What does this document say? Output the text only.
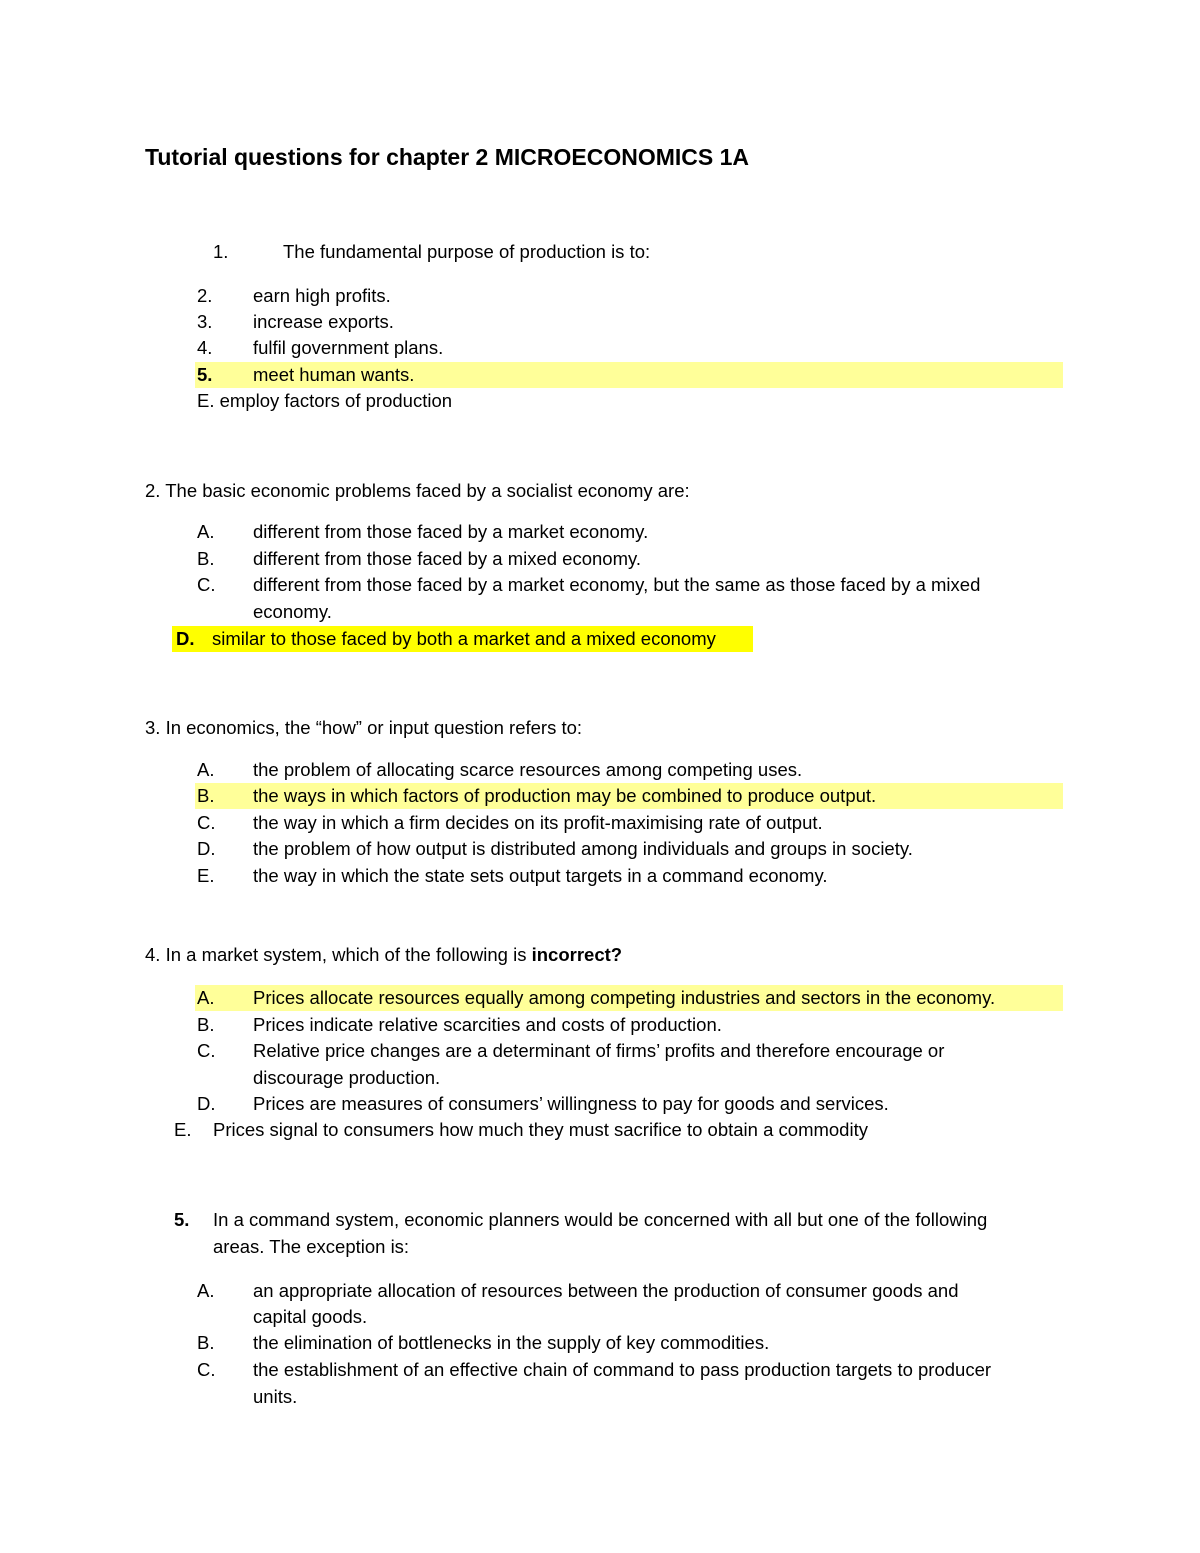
Tutorial questions for chapter 2 MICROECONOMICS 1A
1.	The fundamental purpose of production is to:
2. earn high profits.
3. increase exports.
4. fulfil government plans.
5. meet human wants.
E. employ factors of production
2. The basic economic problems faced by a socialist economy are:
A. different from those faced by a market economy.
B. different from those faced by a mixed economy.
C. different from those faced by a market economy, but the same as those faced by a mixed
economy.
D. similar to those faced by both a market and a mixed economy
3. In economics, the “how” or input question refers to:
A. the problem of allocating scarce resources among competing uses.
B. the ways in which factors of production may be combined to produce output.
C. the way in which a firm decides on its profit-maximising rate of output.
D. the problem of how output is distributed among individuals and groups in society.
E. the way in which the state sets output targets in a command economy.
4. In a market system, which of the following is incorrect?
A. Prices allocate resources equally among competing industries and sectors in the economy.
B. Prices indicate relative scarcities and costs of production.
C. Relative price changes are a determinant of firms’ profits and therefore encourage or
discourage production.
D. Prices are measures of consumers’ willingness to pay for goods and services.
E. Prices signal to consumers how much they must sacrifice to obtain a commodity
5. In a command system, economic planners would be concerned with all but one of the following
areas. The exception is:
A. an appropriate allocation of resources between the production of consumer goods and
capital goods.
B. the elimination of bottlenecks in the supply of key commodities.
C. the establishment of an effective chain of command to pass production targets to producer
units.
